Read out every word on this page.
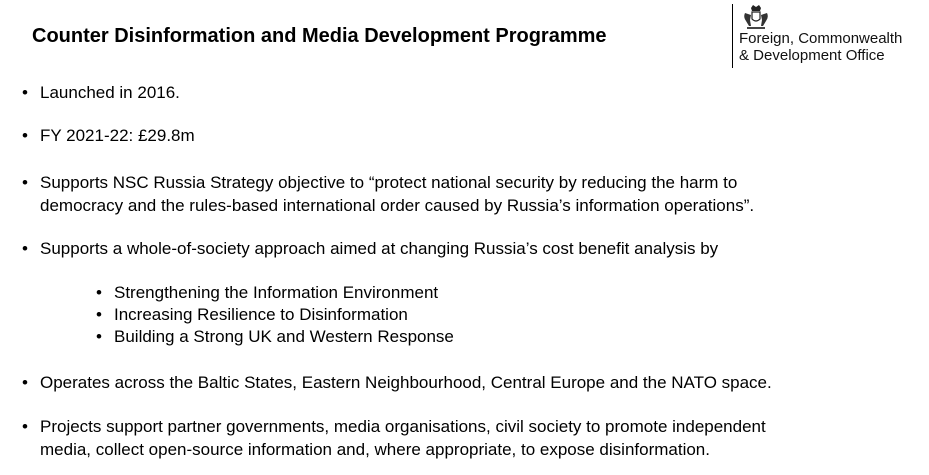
Counter Disinformation and Media Development Programme	Foreign, Commonwealth
& Development Office
• Launched in 2016.
• FY 2021-22: £29.8m
• Supports NSC Russia Strategy objective to “protect national security by reducing the harm to
democracy and the rules-based international order caused by Russia’s information operations”.
• Supports a whole-of-society approach aimed at changing Russia’s cost benefit analysis by
• Strengthening the Information Environment
• Increasing Resilience to Disinformation
• Building a Strong UK and Western Response
• Operates across the Baltic States, Eastern Neighbourhood, Central Europe and the NATO space.
• Projects support partner governments, media organisations, civil society to promote independent
media, collect open-source information and, where appropriate, to expose disinformation.
